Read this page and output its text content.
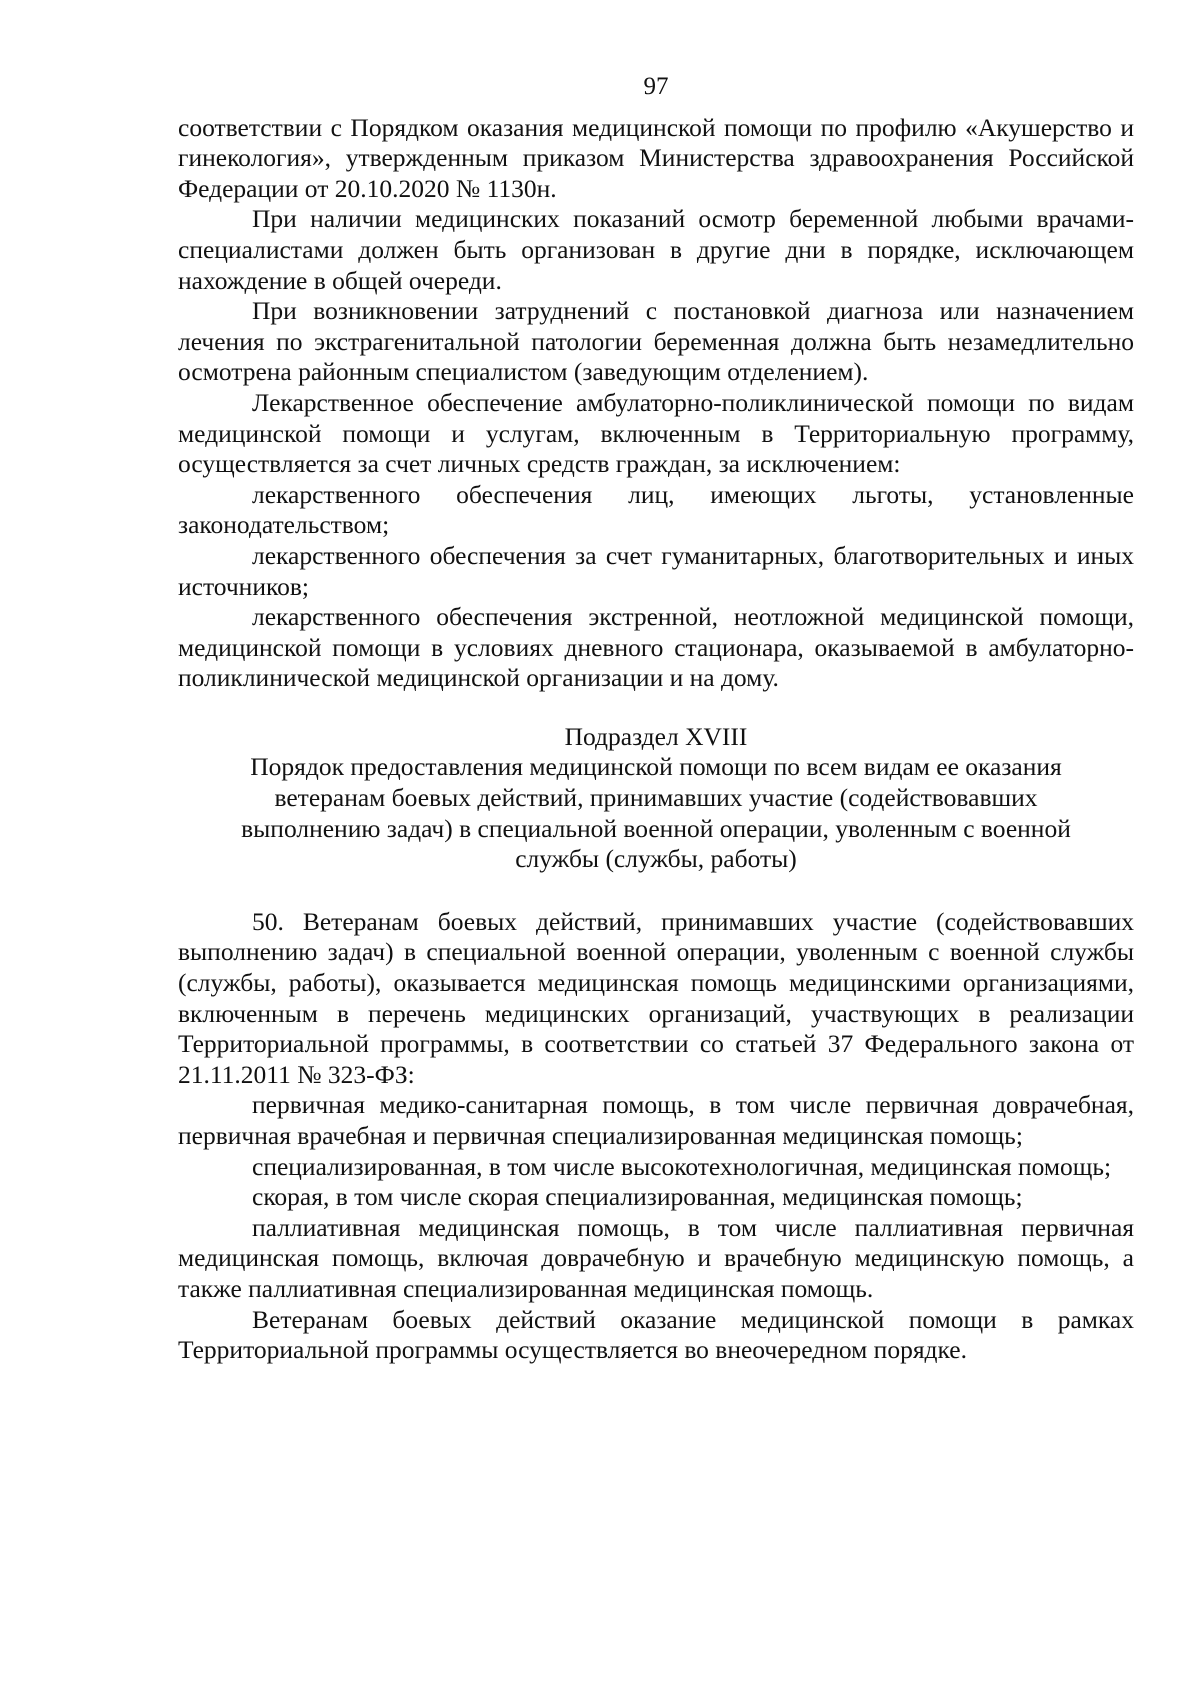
97

соответствии с Порядком оказания медицинской помощи по профилю «Акушерство и гинекология», утвержденным приказом Министерства здравоохранения Российской Федерации от 20.10.2020 № 1130н.

При наличии медицинских показаний осмотр беременной любыми врачами-специалистами должен быть организован в другие дни в порядке, исключающем нахождение в общей очереди.

При возникновении затруднений с постановкой диагноза или назначением лечения по экстрагенитальной патологии беременная должна быть незамедлительно осмотрена районным специалистом (заведующим отделением).

Лекарственное обеспечение амбулаторно-поликлинической помощи по видам медицинской помощи и услугам, включенным в Территориальную программу, осуществляется за счет личных средств граждан, за исключением:

лекарственного обеспечения лиц, имеющих льготы, установленные законодательством;

лекарственного обеспечения за счет гуманитарных, благотворительных и иных источников;

лекарственного обеспечения экстренной, неотложной медицинской помощи, медицинской помощи в условиях дневного стационара, оказываемой в амбулаторно-поликлинической медицинской организации и на дому.

Подраздел XVIII
Порядок предоставления медицинской помощи по всем видам ее оказания
ветеранам боевых действий, принимавших участие (содействовавших
выполнению задач) в специальной военной операции, уволенным с военной
службы (службы, работы)

50. Ветеранам боевых действий, принимавших участие (содействовавших выполнению задач) в специальной военной операции, уволенным с военной службы (службы, работы), оказывается медицинская помощь медицинскими организациями, включенным в перечень медицинских организаций, участвующих в реализации Территориальной программы, в соответствии со статьей 37 Федерального закона от 21.11.2011 № 323-ФЗ:

первичная медико-санитарная помощь, в том числе первичная доврачебная, первичная врачебная и первичная специализированная медицинская помощь;

специализированная, в том числе высокотехнологичная, медицинская помощь;

скорая, в том числе скорая специализированная, медицинская помощь;

паллиативная медицинская помощь, в том числе паллиативная первичная медицинская помощь, включая доврачебную и врачебную медицинскую помощь, а также паллиативная специализированная медицинская помощь.

Ветеранам боевых действий оказание медицинской помощи в рамках Территориальной программы осуществляется во внеочередном порядке.
